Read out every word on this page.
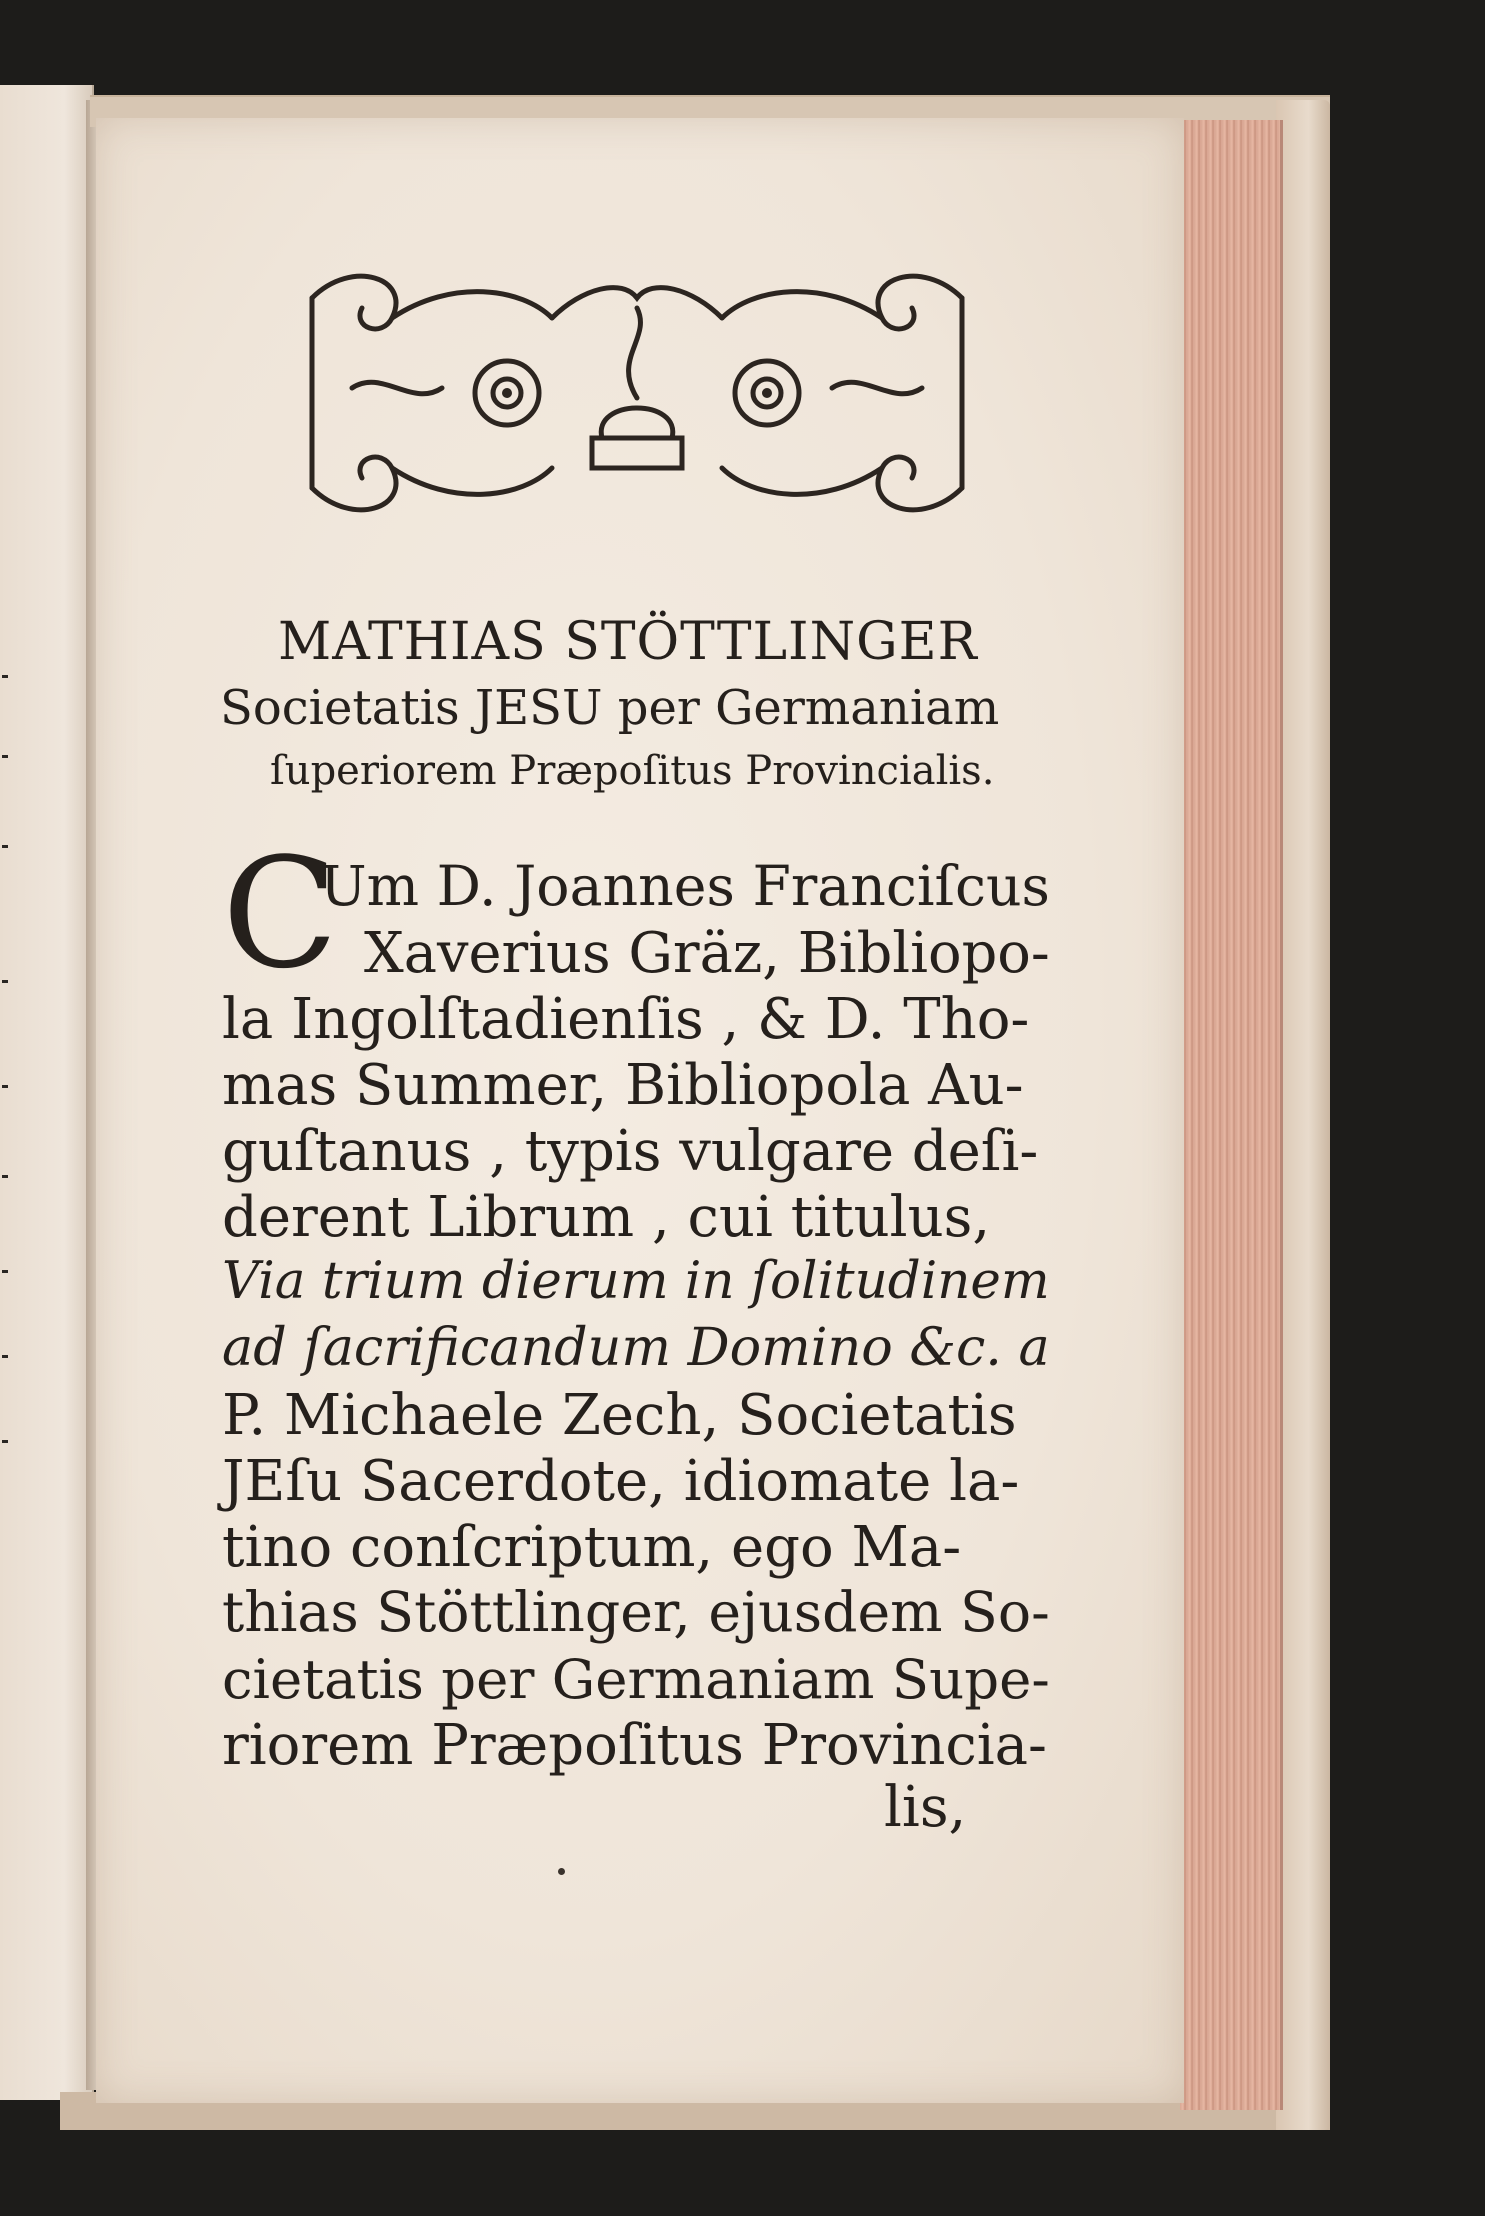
MATHIAS STÖTTLINGER
Societatis JESU per Germaniam
ſuperiorem Præpoſitus Provincialis.
C
Um D. Joannes Franciſcus
Xaverius Gräz, Bibliopo-
la Ingolſtadienſis , & D. Tho-
mas Summer, Bibliopola Au-
guſtanus , typis vulgare deſi-
derent Librum , cui titulus,
Via trium dierum in ſolitudinem
ad ſacrificandum Domino &c. a
P. Michaele Zech, Societatis
JEſu Sacerdote, idiomate la-
tino conſcriptum, ego Ma-
thias Stöttlinger, ejusdem So-
cietatis per Germaniam Supe-
riorem Præpoſitus Provincia-
lis,
